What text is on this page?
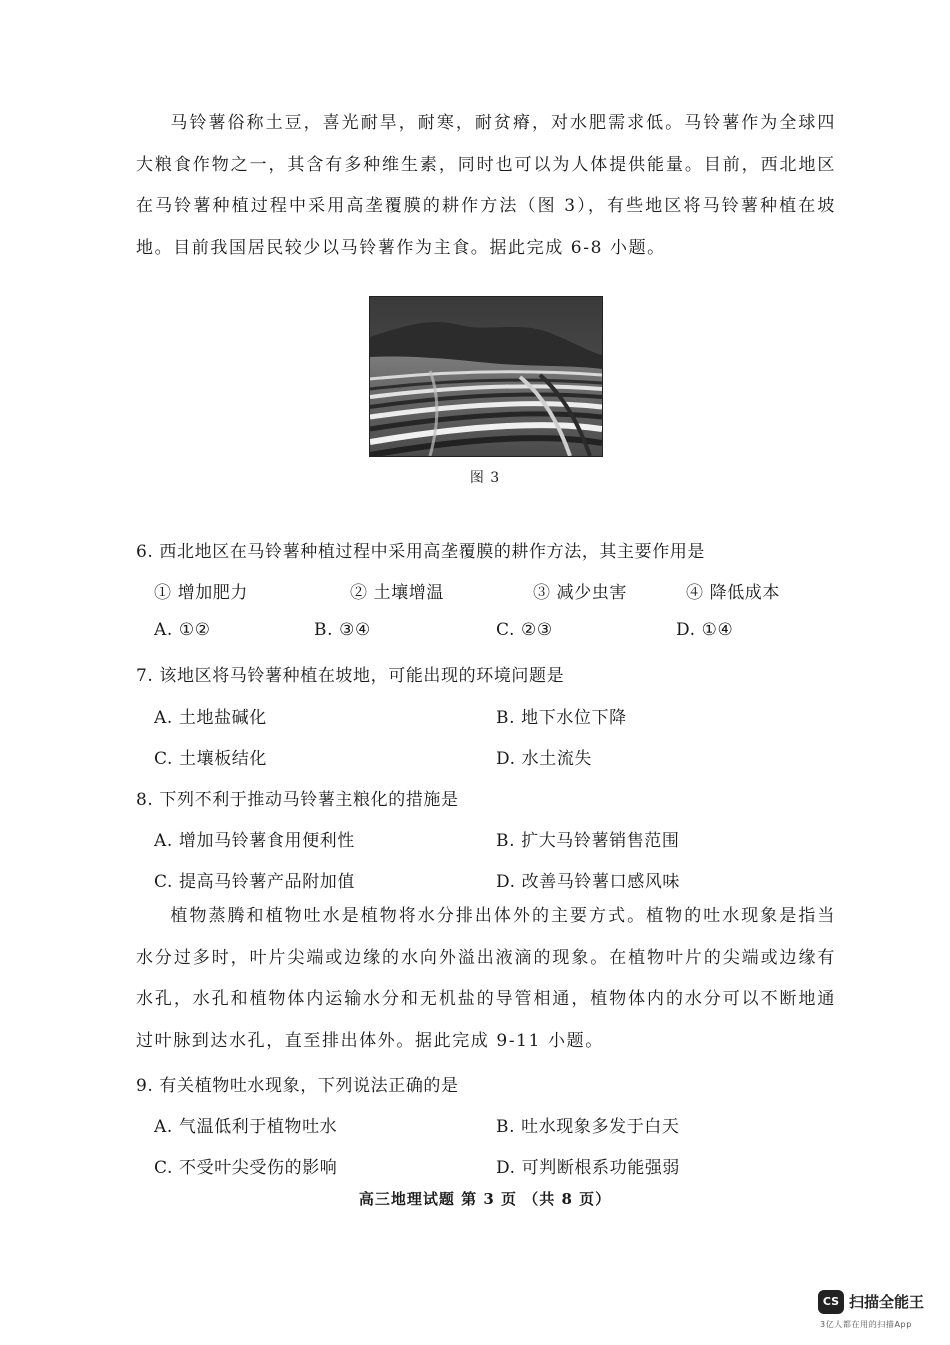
马铃薯俗称土豆，喜光耐旱，耐寒，耐贫瘠，对水肥需求低。马铃薯作为全球四大粮食作物之一，其含有多种维生素，同时也可以为人体提供能量。目前，西北地区在马铃薯种植过程中采用高垄覆膜的耕作方法（图 3），有些地区将马铃薯种植在坡地。目前我国居民较少以马铃薯作为主食。据此完成 6-8 小题。

图 3
6. 西北地区在马铃薯种植过程中采用高垄覆膜的耕作方法，其主要作用是
① 增加肥力	② 土壤增温	③ 减少虫害	④ 降低成本
A. ①②	B. ③④	C. ②③	D. ①④
7. 该地区将马铃薯种植在坡地，可能出现的环境问题是
A. 土地盐碱化	B. 地下水位下降
C. 土壤板结化	D. 水土流失
8. 下列不利于推动马铃薯主粮化的措施是
A. 增加马铃薯食用便利性	B. 扩大马铃薯销售范围
C. 提高马铃薯产品附加值	D. 改善马铃薯口感风味

植物蒸腾和植物吐水是植物将水分排出体外的主要方式。植物的吐水现象是指当水分过多时，叶片尖端或边缘的水向外溢出液滴的现象。在植物叶片的尖端或边缘有水孔，水孔和植物体内运输水分和无机盐的导管相通，植物体内的水分可以不断地通过叶脉到达水孔，直至排出体外。据此完成 9-11 小题。

9. 有关植物吐水现象，下列说法正确的是
A. 气温低利于植物吐水	B. 吐水现象多发于白天
C. 不受叶尖受伤的影响	D. 可判断根系功能强弱
高三地理试题 第 3 页 （共 8 页）
CS 扫描全能王
3亿人都在用的扫描App
